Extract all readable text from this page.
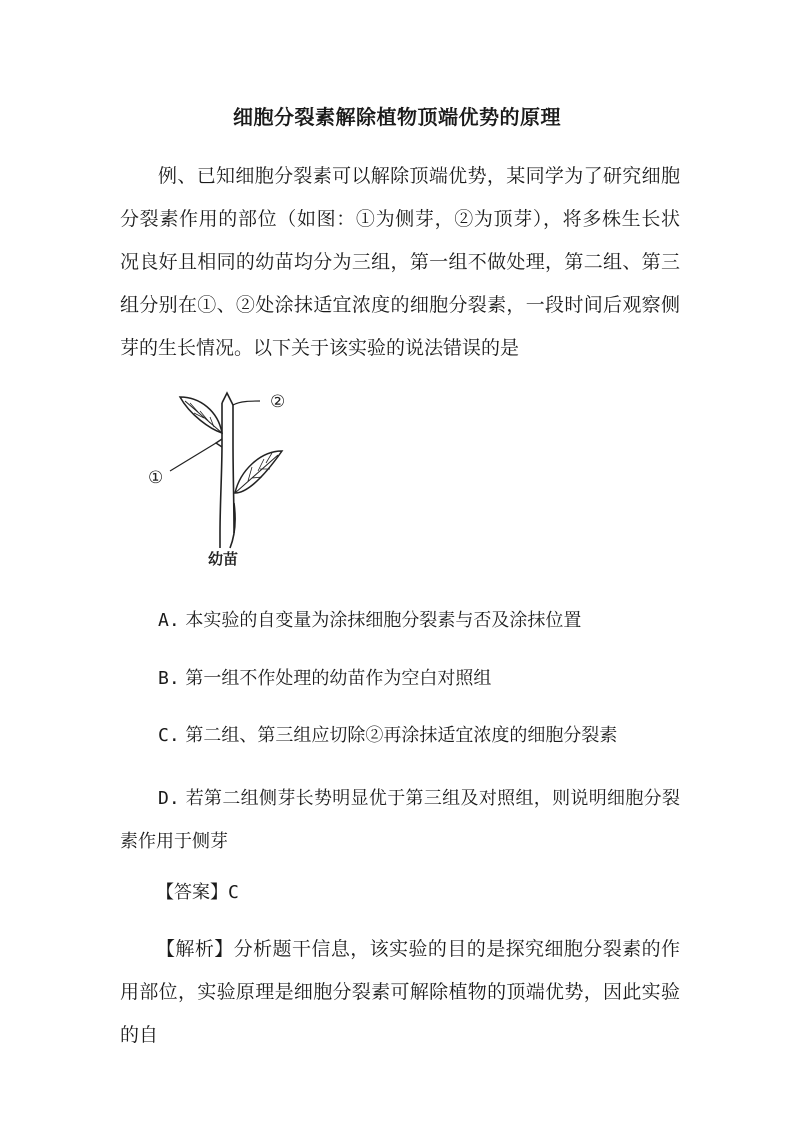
细胞分裂素解除植物顶端优势的原理

例、已知细胞分裂素可以解除顶端优势，某同学为了研究细胞分裂素作用的部位（如图：①为侧芽，②为顶芽），将多株生长状况良好且相同的幼苗均分为三组，第一组不做处理，第二组、第三组分别在①、②处涂抹适宜浓度的细胞分裂素，一段时间后观察侧芽的生长情况。以下关于该实验的说法错误的是

②
①
幼苗
A. 本实验的自变量为涂抹细胞分裂素与否及涂抹位置
B. 第一组不作处理的幼苗作为空白对照组
C. 第二组、第三组应切除②再涂抹适宜浓度的细胞分裂素
D. 若第二组侧芽长势明显优于第三组及对照组，则说明细胞分裂素作用于侧芽
【答案】C
【解析】分析题干信息，该实验的目的是探究细胞分裂素的作用部位，实验原理是细胞分裂素可解除植物的顶端优势，因此实验的自
